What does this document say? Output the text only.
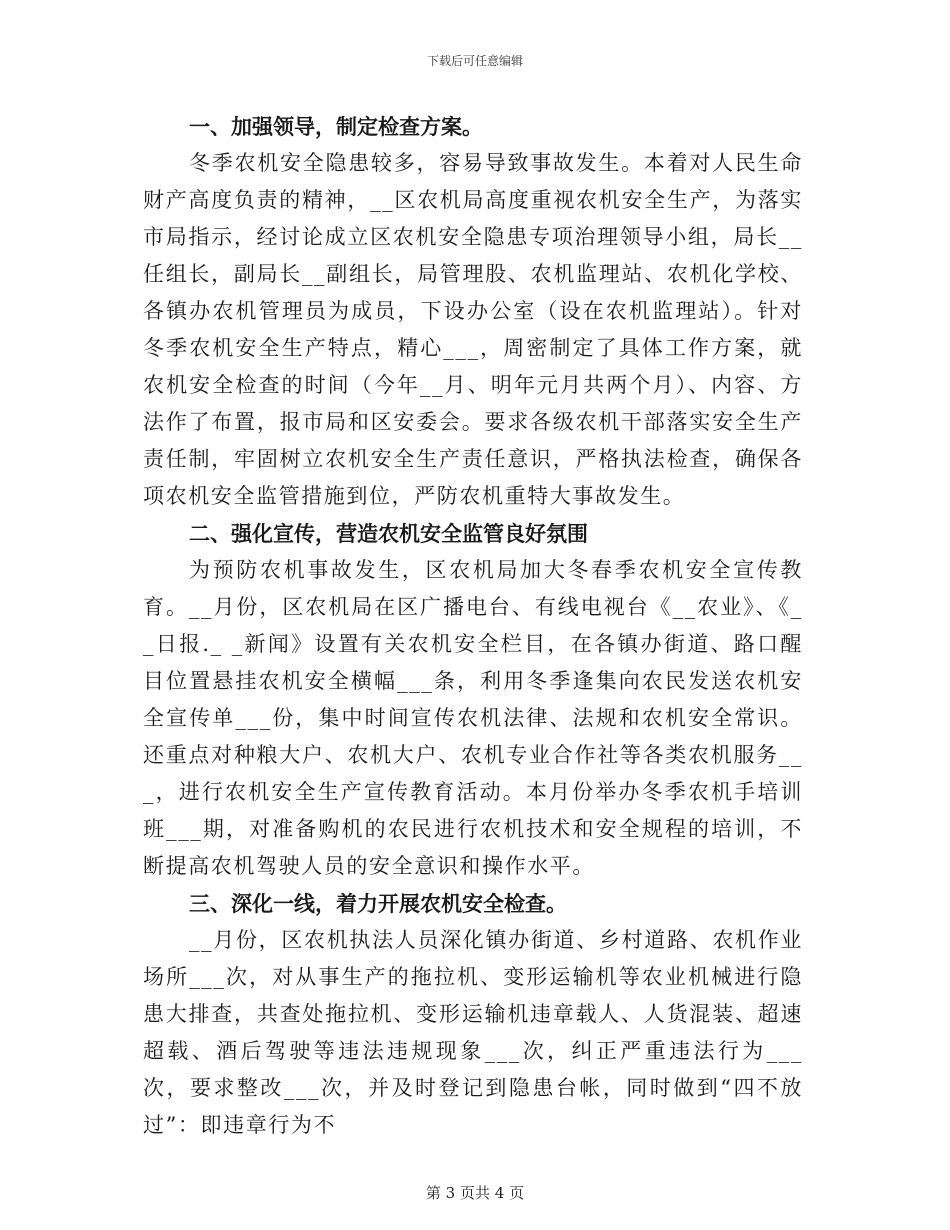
下载后可任意编辑

一、加强领导，制定检查方案。

冬季农机安全隐患较多，容易导致事故发生。本着对人民生命财产高度负责的精神，__区农机局高度重视农机安全生产，为落实市局指示，经讨论成立区农机安全隐患专项治理领导小组，局长__任组长，副局长__副组长，局管理股、农机监理站、农机化学校、各镇办农机管理员为成员，下设办公室（设在农机监理站）。针对冬季农机安全生产特点，精心___，周密制定了具体工作方案，就农机安全检查的时间（今年__月、明年元月共两个月）、内容、方法作了布置，报市局和区安委会。要求各级农机干部落实安全生产责任制，牢固树立农机安全生产责任意识，严格执法检查，确保各项农机安全监管措施到位，严防农机重特大事故发生。

二、强化宣传，营造农机安全监管良好氛围

为预防农机事故发生，区农机局加大冬春季农机安全宣传教育。__月份，区农机局在区广播电台、有线电视台《__农业》、《__日报._ _新闻》设置有关农机安全栏目，在各镇办街道、路口醒目位置悬挂农机安全横幅___条，利用冬季逢集向农民发送农机安全宣传单___份，集中时间宣传农机法律、法规和农机安全常识。还重点对种粮大户、农机大户、农机专业合作社等各类农机服务___，进行农机安全生产宣传教育活动。本月份举办冬季农机手培训班___期，对准备购机的农民进行农机技术和安全规程的培训，不断提高农机驾驶人员的安全意识和操作水平。

三、深化一线，着力开展农机安全检查。

__月份，区农机执法人员深化镇办街道、乡村道路、农机作业场所___次，对从事生产的拖拉机、变形运输机等农业机械进行隐患大排查，共查处拖拉机、变形运输机违章载人、人货混装、超速超载、酒后驾驶等违法违规现象___次，纠正严重违法行为___次，要求整改___次，并及时登记到隐患台帐，同时做到“四不放过”：即违章行为不

第 3 页共 4 页
